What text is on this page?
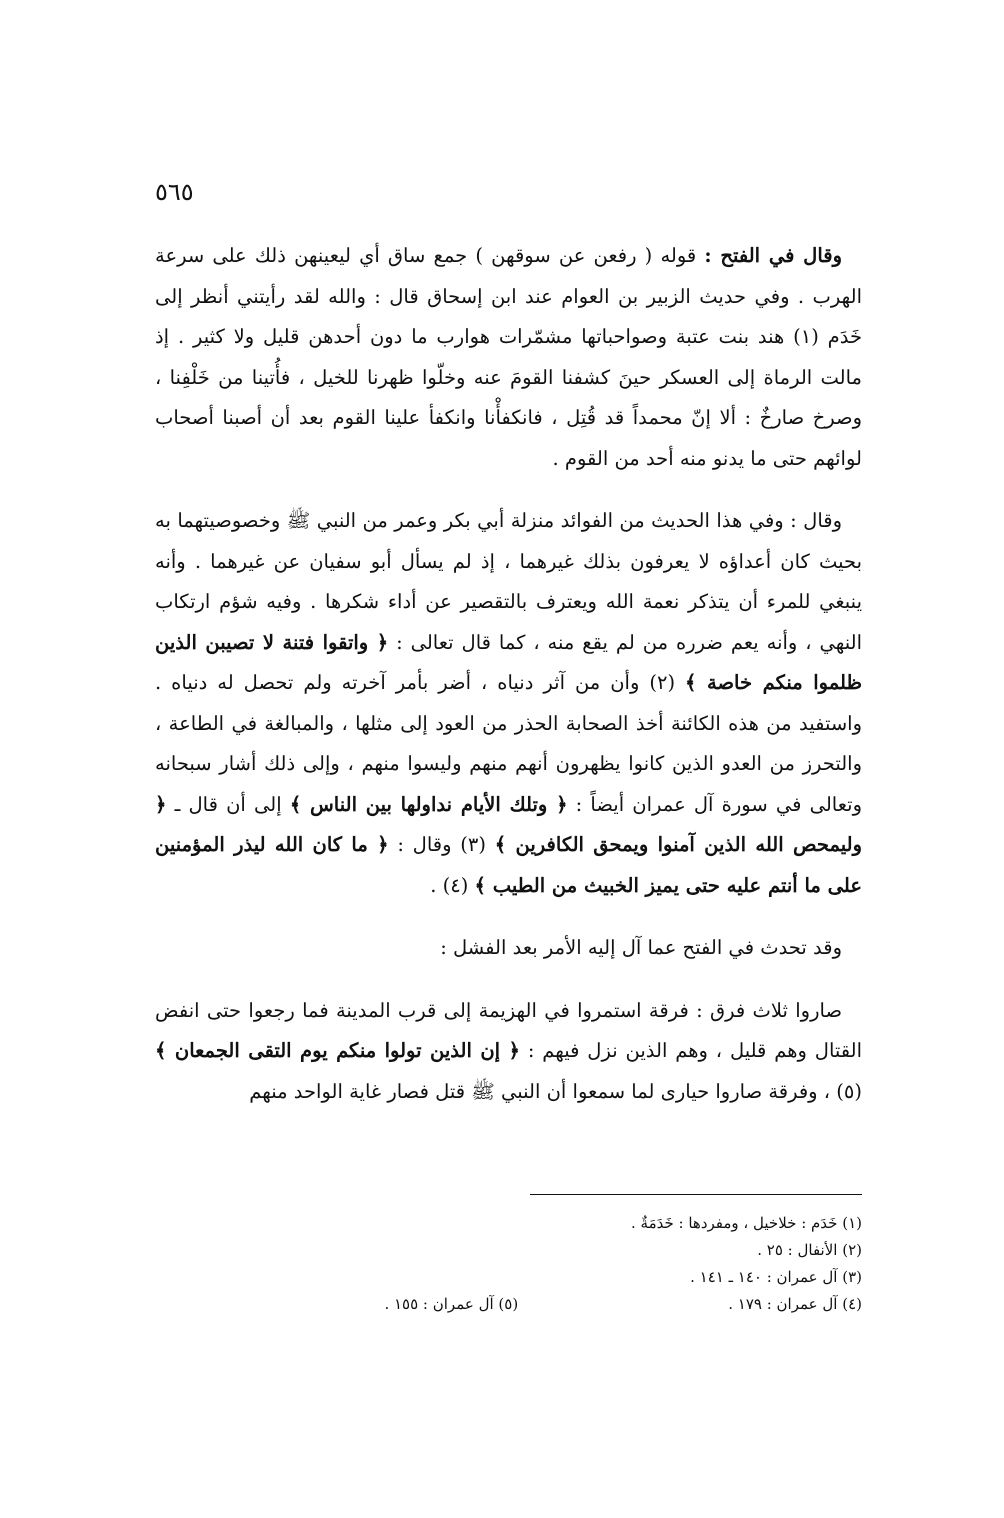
٥٦٥

وقال في الفتح : قوله ( رفعن عن سوقهن ) جمع ساق أي ليعينهن ذلك على سرعة الهرب . وفي حديث الزبير بن العوام عند ابن إسحاق قال : والله لقد رأيتني أنظر إلى خَدَم (١) هند بنت عتبة وصواحباتها مشمّرات هوارب ما دون أحدهن قليل ولا كثير . إذ مالت الرماة إلى العسكر حينَ كشفنا القومَ عنه وخلّوا ظهرنا للخيل ، فأُتينا من خَلْفِنا ، وصرخ صارخٌ : ألا إنّ محمداً قد قُتِل ، فانكفأْنا وانكفأ علينا القوم بعد أن أصبنا أصحاب لوائهم حتى ما يدنو منه أحد من القوم .

وقال : وفي هذا الحديث من الفوائد منزلة أبي بكر وعمر من النبي ﷺ وخصوصيتهما به بحيث كان أعداؤه لا يعرفون بذلك غيرهما ، إذ لم يسأل أبو سفيان عن غيرهما . وأنه ينبغي للمرء أن يتذكر نعمة الله ويعترف بالتقصير عن أداء شكرها . وفيه شؤم ارتكاب النهي ، وأنه يعم ضرره من لم يقع منه ، كما قال تعالى : ﴿ واتقوا فتنة لا تصيبن الذين ظلموا منكم خاصة ﴾ (٢) وأن من آثر دنياه ، أضر بأمر آخرته ولم تحصل له دنياه . واستفيد من هذه الكائنة أخذ الصحابة الحذر من العود إلى مثلها ، والمبالغة في الطاعة ، والتحرز من العدو الذين كانوا يظهرون أنهم منهم وليسوا منهم ، وإلى ذلك أشار سبحانه وتعالى في سورة آل عمران أيضاً : ﴿ وتلك الأيام نداولها بين الناس ﴾ إلى أن قال ـ ﴿ وليمحص الله الذين آمنوا ويمحق الكافرين ﴾ (٣) وقال : ﴿ ما كان الله ليذر المؤمنين على ما أنتم عليه حتى يميز الخبيث من الطيب ﴾ (٤) .

وقد تحدث في الفتح عما آل إليه الأمر بعد الفشل :

صاروا ثلاث فرق : فرقة استمروا في الهزيمة إلى قرب المدينة فما رجعوا حتى انفض القتال وهم قليل ، وهم الذين نزل فيهم : ﴿ إن الذين تولوا منكم يوم التقى الجمعان ﴾ (٥) ، وفرقة صاروا حيارى لما سمعوا أن النبي ﷺ قتل فصار غاية الواحد منهم

(١) خَدَم : خلاخيل ، ومفردها : خَدَمَةٌ .
(٢) الأنفال : ٢٥ .
(٣) آل عمران : ١٤٠ ـ ١٤١ .
(٤) آل عمران : ١٧٩ .
(٥) آل عمران : ١٥٥ .
